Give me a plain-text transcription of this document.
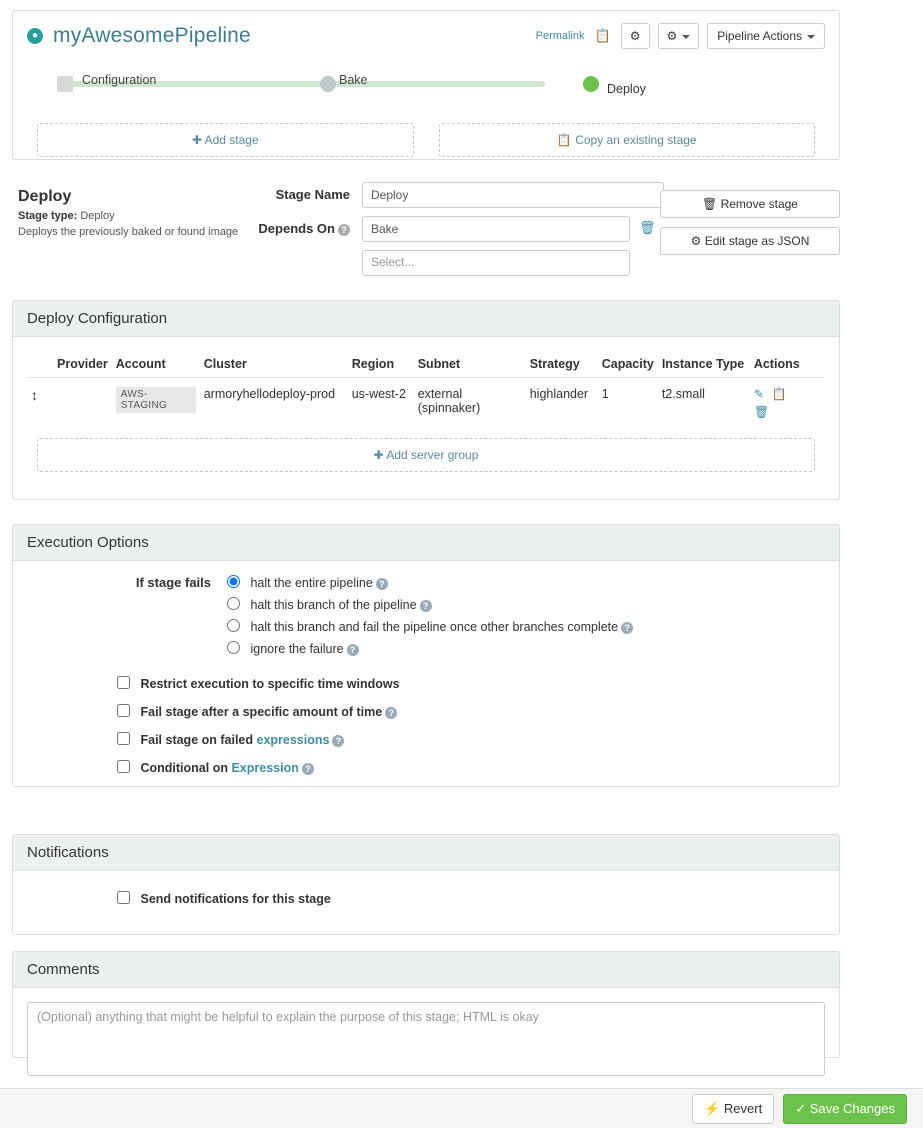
● myAwesomePipeline	Permalink 📋	⚙	⚙	Pipeline Actions
Configuration	Bake
Deploy
✚ Add stage	📋 Copy an existing stage
Deploy
Stage type: Deploy
Deploys the previously baked or found image
Stage Name
Deploy
Depends On ?
Bake	🗑
Select...
🗑 Remove stage
⚙ Edit stage as JSON
Deploy Configuration
	Provider	Account	Cluster	Region	Subnet	Strategy	Capacity	Instance Type	Actions
↕		AWS-STAGING	armoryhellodeploy-prod	us-west-2	external (spinnaker)	highlander	1	t2.small	✎ 📋
🗑
✚ Add server group
Execution Options
If stage fails	halt the entire pipeline ?
halt this branch of the pipeline ?
halt this branch and fail the pipeline once other branches complete ?
ignore the failure ?
Restrict execution to specific time windows
Fail stage after a specific amount of time ?
Fail stage on failed expressions ?
Conditional on Expression ?
Notifications
Send notifications for this stage
Comments
(Optional) anything that might be helpful to explain the purpose of this stage; HTML is okay
⚡ Revert	✓ Save Changes
